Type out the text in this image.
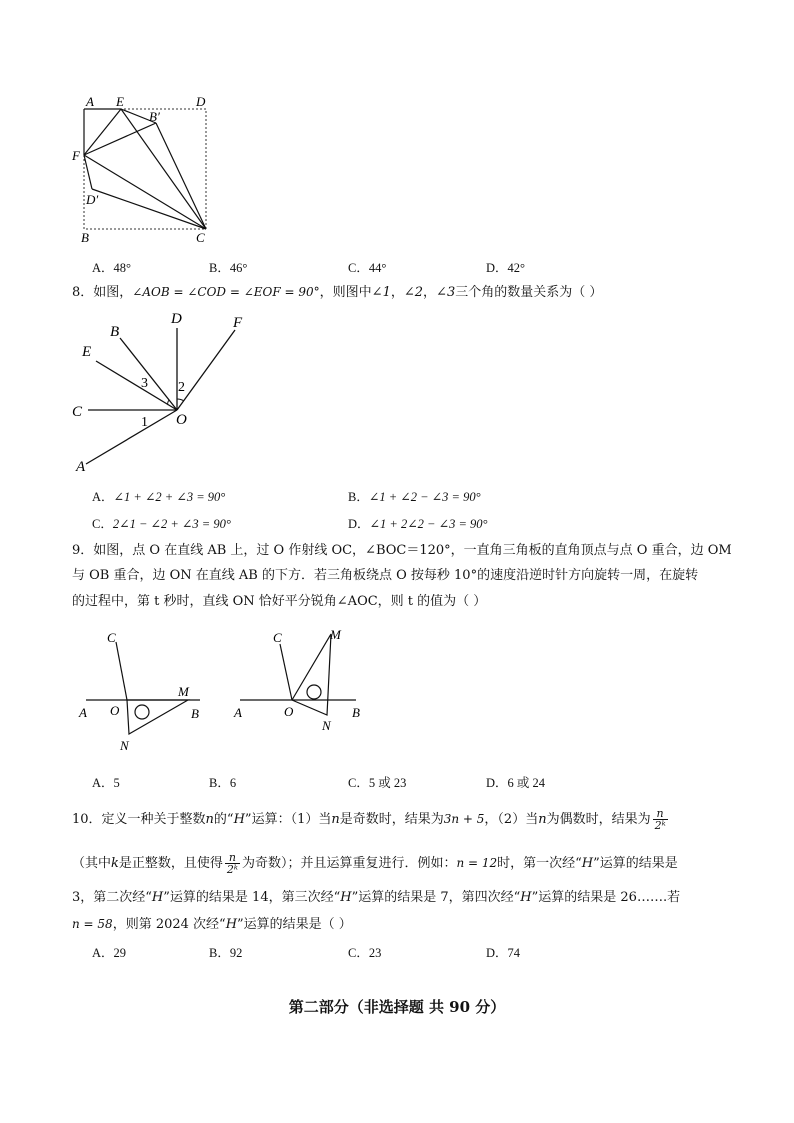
A E	D
B′
F
D′
B	C
A．48°	B．46°	C．44°	D．42°
8．如图，∠AOB = ∠COD = ∠EOF = 90°，则图中∠1，∠2，∠3三个角的数量关系为（ ）
D	F
B
E
C	O
A
1
2
3
A．∠1 + ∠2 + ∠3 = 90°	B．∠1 + ∠2 − ∠3 = 90°
C．2∠1 − ∠2 + ∠3 = 90°	D．∠1 + 2∠2 − ∠3 = 90°
9．如图，点 O 在直线 AB 上，过 O 作射线 OC，∠BOC＝120°，一直角三角板的直角顶点与点 O 重合，边 OM
与 OB 重合，边 ON 在直线 AB 的下方．若三角板绕点 O 按每秒 10°的速度沿逆时针方向旋转一周，在旋转
的过程中，第 t 秒时，直线 ON 恰好平分锐角∠AOC，则 t 的值为（ ）
C
M
A O	B
N
C	M
A	O	B
N
A．5	B．6	C．5 或 23	D．6 或 24
10．定义一种关于整数n的“H”运算：（1）当n是奇数时，结果为3n + 5，（2）当n为偶数时，结果为 $\frac{n}{\text{2ᵏ}}$
（其中k是正整数，且使得 $\frac{n}{\text{2ᵏ}}$ 为奇数）；并且运算重复进行．例如：n = 12时，第一次经“H”运算的结果是
3，第二次经“H”运算的结果是 14，第三次经“H”运算的结果是 7，第四次经“H”运算的结果是 26…….若
n = 58，则第 2024 次经“H”运算的结果是（ ）
A．29	B．92	C．23	D．74
第二部分（非选择题 共 90 分）
